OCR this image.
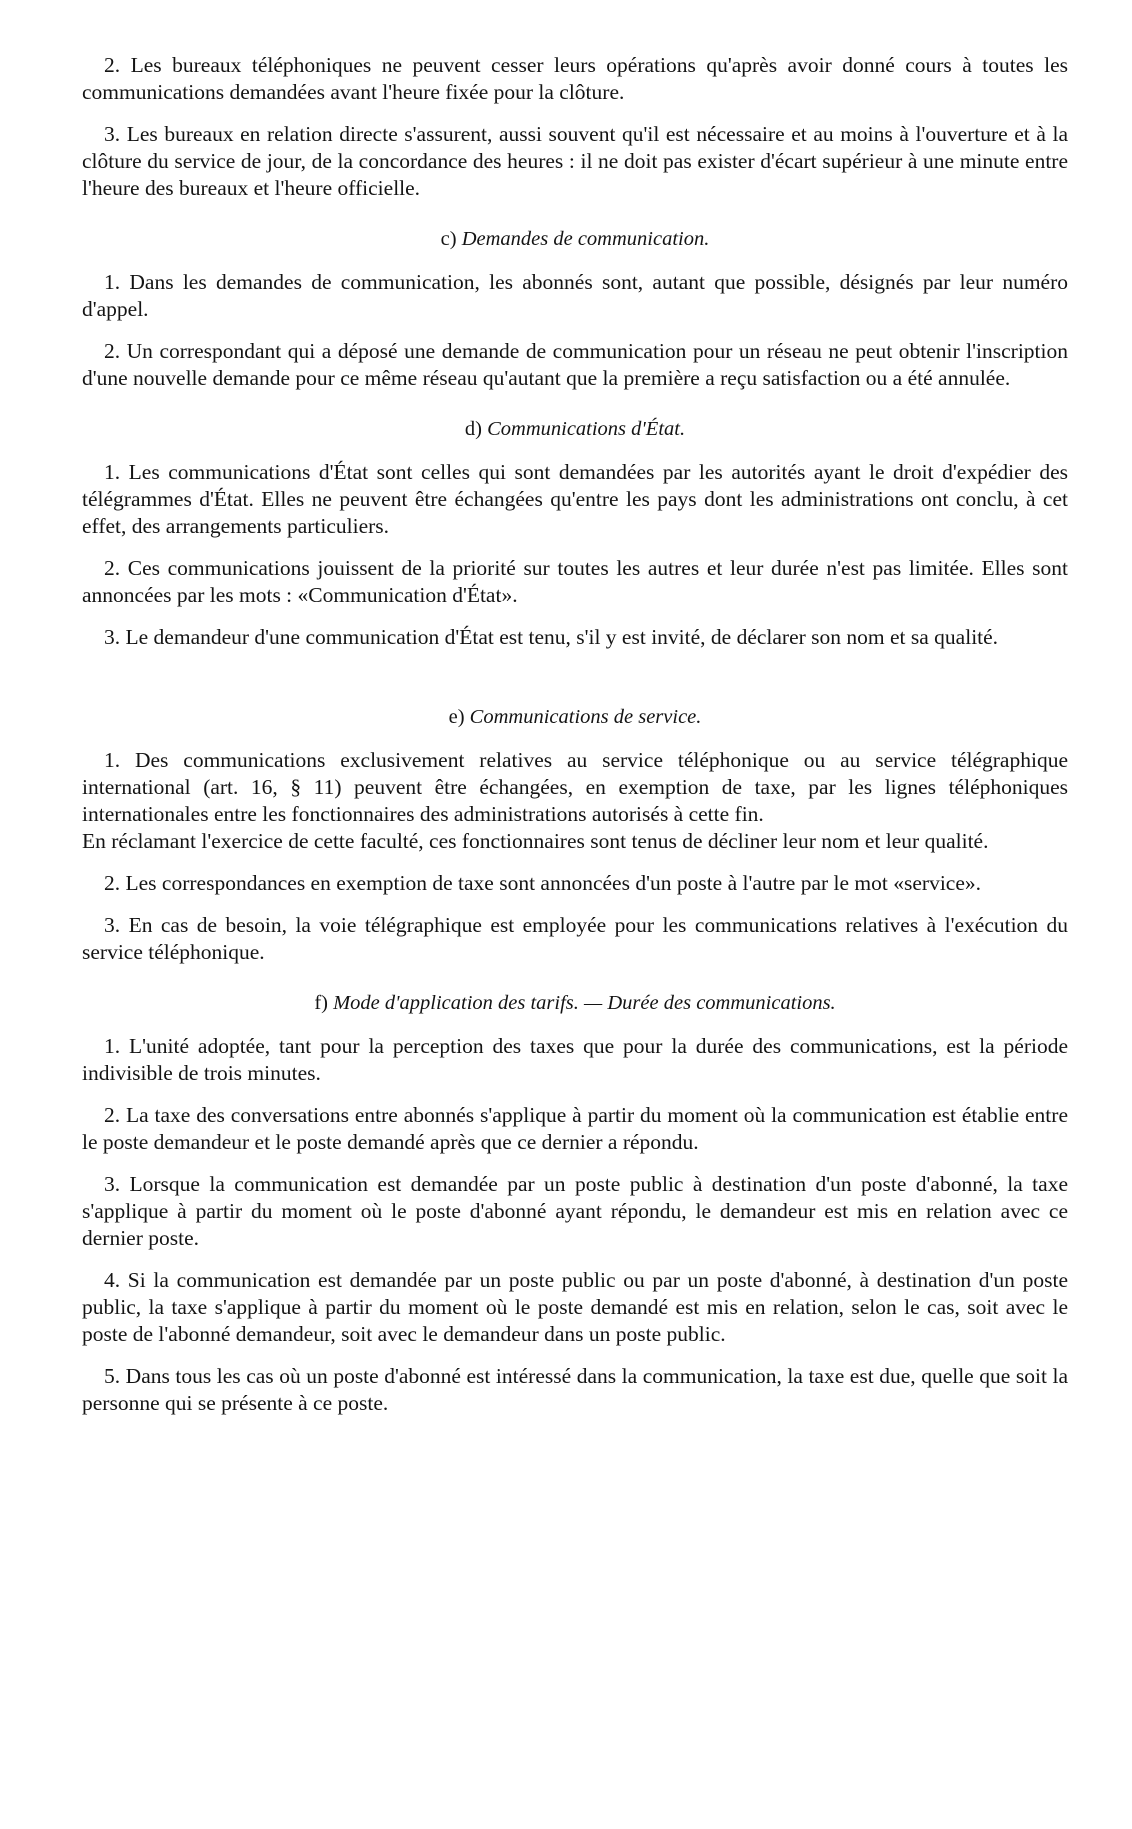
2. Les bureaux téléphoniques ne peuvent cesser leurs opérations qu'après avoir donné cours à toutes les communications demandées avant l'heure fixée pour la clôture.

3. Les bureaux en relation directe s'assurent, aussi souvent qu'il est nécessaire et au moins à l'ouverture et à la clôture du service de jour, de la concordance des heures : il ne doit pas exister d'écart supérieur à une minute entre l'heure des bureaux et l'heure officielle.

c) Demandes de communication.

1. Dans les demandes de communication, les abonnés sont, autant que possible, désignés par leur numéro d'appel.

2. Un correspondant qui a déposé une demande de communication pour un réseau ne peut obtenir l'inscription d'une nouvelle demande pour ce même réseau qu'autant que la première a reçu satisfaction ou a été annulée.

d) Communications d'État.

1. Les communications d'État sont celles qui sont demandées par les autorités ayant le droit d'expédier des télégrammes d'État. Elles ne peuvent être échangées qu'entre les pays dont les administrations ont conclu, à cet effet, des arrangements particuliers.

2. Ces communications jouissent de la priorité sur toutes les autres et leur durée n'est pas limitée. Elles sont annoncées par les mots : «Communication d'État».

3. Le demandeur d'une communication d'État est tenu, s'il y est invité, de déclarer son nom et sa qualité.

e) Communications de service.

1. Des communications exclusivement relatives au service téléphonique ou au service télégraphique international (art. 16, § 11) peuvent être échangées, en exemption de taxe, par les lignes téléphoniques internationales entre les fonctionnaires des administrations autorisés à cette fin.

En réclamant l'exercice de cette faculté, ces fonctionnaires sont tenus de décliner leur nom et leur qualité.

2. Les correspondances en exemption de taxe sont annoncées d'un poste à l'autre par le mot «service».

3. En cas de besoin, la voie télégraphique est employée pour les communications relatives à l'exécution du service téléphonique.

f) Mode d'application des tarifs. — Durée des communications.

1. L'unité adoptée, tant pour la perception des taxes que pour la durée des communications, est la période indivisible de trois minutes.

2. La taxe des conversations entre abonnés s'applique à partir du moment où la communication est établie entre le poste demandeur et le poste demandé après que ce dernier a répondu.

3. Lorsque la communication est demandée par un poste public à destination d'un poste d'abonné, la taxe s'applique à partir du moment où le poste d'abonné ayant répondu, le demandeur est mis en relation avec ce dernier poste.

4. Si la communication est demandée par un poste public ou par un poste d'abonné, à destination d'un poste public, la taxe s'applique à partir du moment où le poste demandé est mis en relation, selon le cas, soit avec le poste de l'abonné demandeur, soit avec le demandeur dans un poste public.

5. Dans tous les cas où un poste d'abonné est intéressé dans la communication, la taxe est due, quelle que soit la personne qui se présente à ce poste.
